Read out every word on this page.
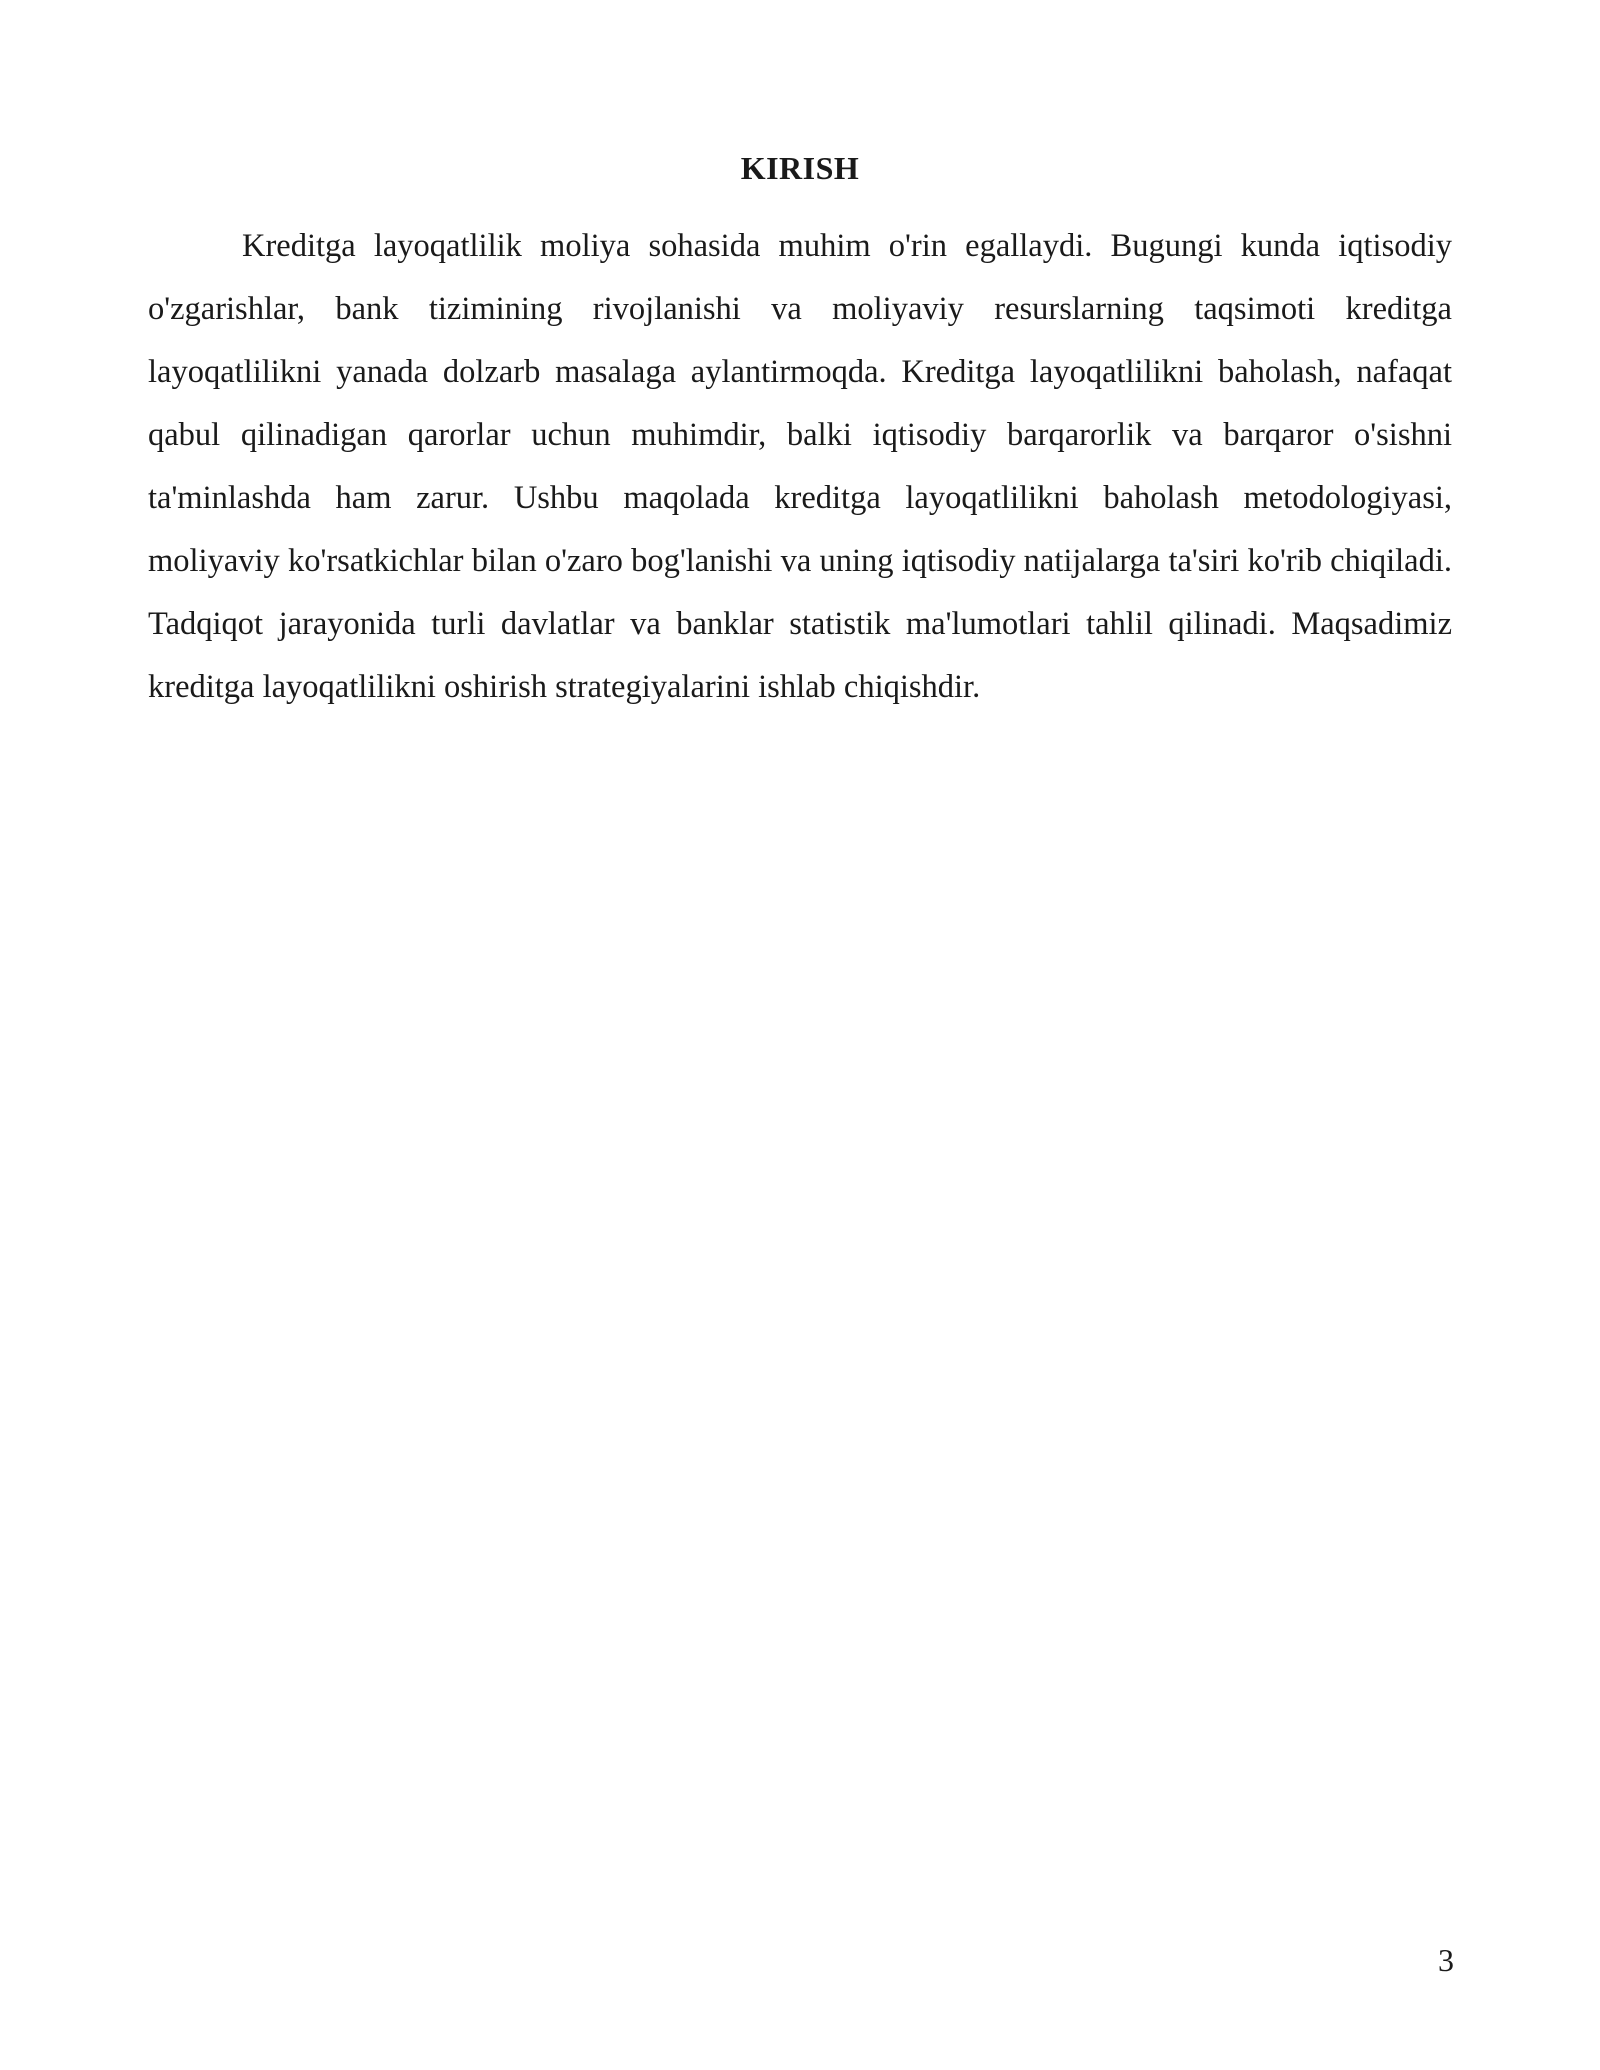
KIRISH

Kreditga layoqatlilik moliya sohasida muhim o'rin egallaydi. Bugungi kunda iqtisodiy o'zgarishlar, bank tizimining rivojlanishi va moliyaviy resurslarning taqsimoti kreditga layoqatlilikni yanada dolzarb masalaga aylantirmoqda. Kreditga layoqatlilikni baholash, nafaqat qabul qilinadigan qarorlar uchun muhimdir, balki iqtisodiy barqarorlik va barqaror o'sishni ta'minlashda ham zarur. Ushbu maqolada kreditga layoqatlilikni baholash metodologiyasi, moliyaviy ko'rsatkichlar bilan o'zaro bog'lanishi va uning iqtisodiy natijalarga ta'siri ko'rib chiqiladi. Tadqiqot jarayonida turli davlatlar va banklar statistik ma'lumotlari tahlil qilinadi. Maqsadimiz kreditga layoqatlilikni oshirish strategiyalarini ishlab chiqishdir.

3
